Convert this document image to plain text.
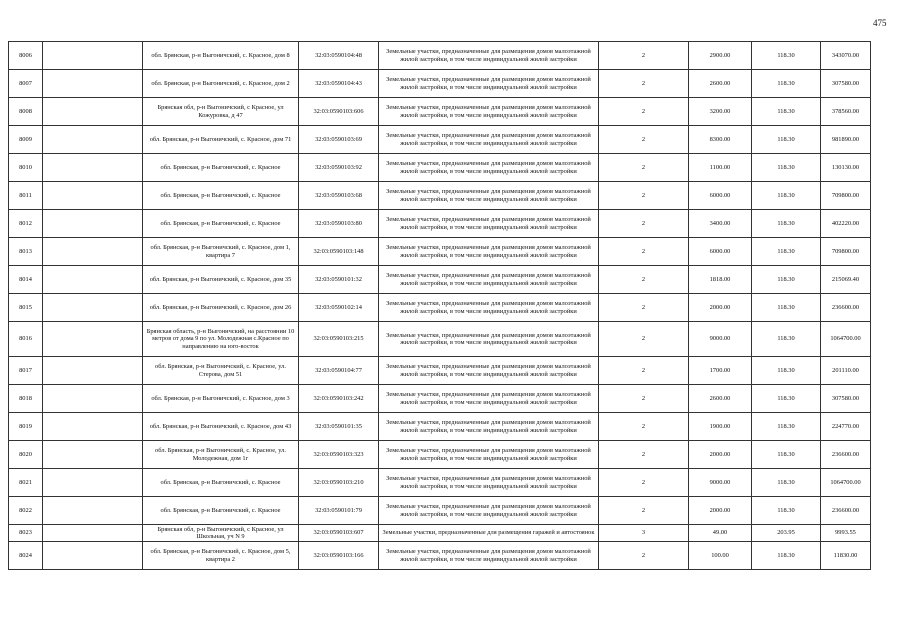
475
8006		обл. Брянская, р-н Выгоничский, с. Красное, дом 8	32:03:0590104:48	Земельные участки, предназначенные для размещения домов малоэтажной жилой застройки, в том числе индивидуальной жилой застройки	2	2900.00	118.30	343070.00
8007		обл. Брянская, р-н Выгоничский, с. Красное, дом 2	32:03:0590104:43	Земельные участки, предназначенные для размещения домов малоэтажной жилой застройки, в том числе индивидуальной жилой застройки	2	2600.00	118.30	307580.00
8008		Брянская обл, р-н Выгоничский, с Красное, ул Кожуровка, д 47	32:03:0590103:606	Земельные участки, предназначенные для размещения домов малоэтажной жилой застройки, в том числе индивидуальной жилой застройки	2	3200.00	118.30	378560.00
8009		обл. Брянская, р-н Выгоничский, с. Красное, дом 71	32:03:0590103:69	Земельные участки, предназначенные для размещения домов малоэтажной жилой застройки, в том числе индивидуальной жилой застройки	2	8300.00	118.30	981890.00
8010		обл. Брянская, р-н Выгоничский, с. Красное	32:03:0590103:92	Земельные участки, предназначенные для размещения домов малоэтажной жилой застройки, в том числе индивидуальной жилой застройки	2	1100.00	118.30	130130.00
8011		обл. Брянская, р-н Выгоничский, с. Красное	32:03:0590103:68	Земельные участки, предназначенные для размещения домов малоэтажной жилой застройки, в том числе индивидуальной жилой застройки	2	6000.00	118.30	709800.00
8012		обл. Брянская, р-н Выгоничский, с. Красное	32:03:0590103:80	Земельные участки, предназначенные для размещения домов малоэтажной жилой застройки, в том числе индивидуальной жилой застройки	2	3400.00	118.30	402220.00
8013		обл. Брянская, р-н Выгоничский, с. Красное, дом 1, квартира 7	32:03:0590103:148	Земельные участки, предназначенные для размещения домов малоэтажной жилой застройки, в том числе индивидуальной жилой застройки	2	6000.00	118.30	709800.00
8014		обл. Брянская, р-н Выгоничский, с. Красное, дом 35	32:03:0590101:32	Земельные участки, предназначенные для размещения домов малоэтажной жилой застройки, в том числе индивидуальной жилой застройки	2	1818.00	118.30	215069.40
8015		обл. Брянская, р-н Выгоничский, с. Красное, дом 26	32:03:0590102:14	Земельные участки, предназначенные для размещения домов малоэтажной жилой застройки, в том числе индивидуальной жилой застройки	2	2000.00	118.30	236600.00
8016		Брянская область, р-н Выгоничский, на расстоянии 10 метров от дома 9 по ул. Молодежная с.Красное по направлению на юго-восток	32:03:0590103:215	Земельные участки, предназначенные для размещения домов малоэтажной жилой застройки, в том числе индивидуальной жилой застройки	2	9000.00	118.30	1064700.00
8017		обл. Брянская, р-н Выгоничский, с. Красное, ул. Стерова, дом 51	32:03:0590104:77	Земельные участки, предназначенные для размещения домов малоэтажной жилой застройки, в том числе индивидуальной жилой застройки	2	1700.00	118.30	201110.00
8018		обл. Брянская, р-н Выгоничский, с. Красное, дом 3	32:03:0590103:242	Земельные участки, предназначенные для размещения домов малоэтажной жилой застройки, в том числе индивидуальной жилой застройки	2	2600.00	118.30	307580.00
8019		обл. Брянская, р-н Выгоничский, с. Красное, дом 43	32:03:0590101:35	Земельные участки, предназначенные для размещения домов малоэтажной жилой застройки, в том числе индивидуальной жилой застройки	2	1900.00	118.30	224770.00
8020		обл. Брянская, р-н Выгоничский, с. Красное, ул. Молодежная, дом 1г	32:03:0590103:323	Земельные участки, предназначенные для размещения домов малоэтажной жилой застройки, в том числе индивидуальной жилой застройки	2	2000.00	118.30	236600.00
8021		обл. Брянская, р-н Выгоничский, с. Красное	32:03:0590103:210	Земельные участки, предназначенные для размещения домов малоэтажной жилой застройки, в том числе индивидуальной жилой застройки	2	9000.00	118.30	1064700.00
8022		обл. Брянская, р-н Выгоничский, с. Красное	32:03:0590101:79	Земельные участки, предназначенные для размещения домов малоэтажной жилой застройки, в том числе индивидуальной жилой застройки	2	2000.00	118.30	236600.00
8023		Брянская обл, р-н Выгоничский, с Красное, ул Школьная, уч N 9	32:03:0590103:607	Земельные участки, предназначенные для размещения гаражей и автостоянок	3	49.00	203.95	9993.55
8024		обл. Брянская, р-н Выгоничский, с. Красное, дом 5, квартира 2	32:03:0590103:166	Земельные участки, предназначенные для размещения домов малоэтажной жилой застройки, в том числе индивидуальной жилой застройки	2	100.00	118.30	11830.00
